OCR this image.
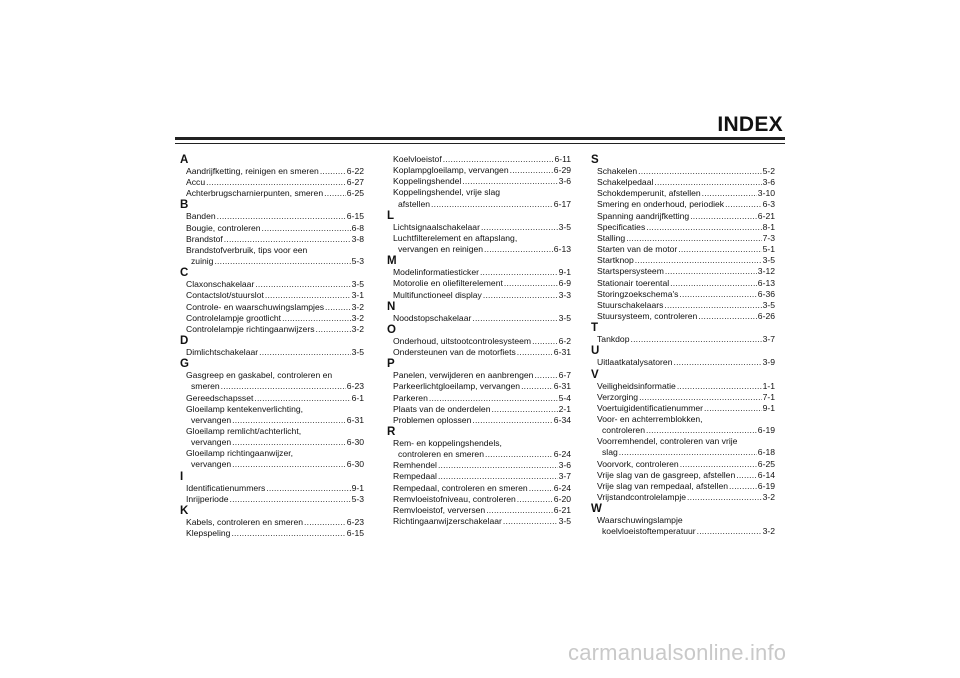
INDEX
A
Aandrijfketting, reinigen en smeren .....	6-22
Accu .....	6-27
Achterbrugscharnierpunten, smeren .....	6-25
B
Banden .....	6-15
Bougie, controleren .....	6-8
Brandstof .....	3-8
Brandstofverbruik, tips voor een
zuinig .....	5-3
C
Claxonschakelaar .....	3-5
Contactslot/stuurslot .....	3-1
Controle- en waarschuwingslampjes .....	3-2
Controlelampje grootlicht .....	3-2
Controlelampje richtingaanwijzers .....	3-2
D
Dimlichtschakelaar .....	3-5
G
Gasgreep en gaskabel, controleren en
smeren .....	6-23
Gereedschapsset .....	6-1
Gloeilamp kentekenverlichting,
vervangen .....	6-31
Gloeilamp remlicht/achterlicht,
vervangen .....	6-30
Gloeilamp richtingaanwijzer,
vervangen .....	6-30
I
Identificatienummers .....	9-1
Inrijperiode .....	5-3
K
Kabels, controleren en smeren .....	6-23
Klepspeling .....	6-15
Koelvloeistof .....	6-11
Koplampgloeilamp, vervangen .....	6-29
Koppelingshendel .....	3-6
Koppelingshendel, vrije slag
afstellen .....	6-17
L
Lichtsignaalschakelaar .....	3-5
Luchtfilterelement en aftapslang,
vervangen en reinigen .....	6-13
M
Modelinformatiesticker .....	9-1
Motorolie en oliefilterelement .....	6-9
Multifunctioneel display .....	3-3
N
Noodstopschakelaar .....	3-5
O
Onderhoud, uitstootcontrolesysteem .....	6-2
Ondersteunen van de motorfiets .....	6-31
P
Panelen, verwijderen en aanbrengen .....	6-7
Parkeerlichtgloeilamp, vervangen .....	6-31
Parkeren .....	5-4
Plaats van de onderdelen .....	2-1
Problemen oplossen .....	6-34
R
Rem- en koppelingshendels,
controleren en smeren .....	6-24
Remhendel .....	3-6
Rempedaal .....	3-7
Rempedaal, controleren en smeren .....	6-24
Remvloeistofniveau, controleren .....	6-20
Remvloeistof, verversen .....	6-21
Richtingaanwijzerschakelaar .....	3-5
S
Schakelen .....	5-2
Schakelpedaal .....	3-6
Schokdemperunit, afstellen .....	3-10
Smering en onderhoud, periodiek .....	6-3
Spanning aandrijfketting .....	6-21
Specificaties .....	8-1
Stalling .....	7-3
Starten van de motor .....	5-1
Startknop .....	3-5
Startspersysteem .....	3-12
Stationair toerental .....	6-13
Storingzoekschema's .....	6-36
Stuurschakelaars .....	3-5
Stuursysteem, controleren .....	6-26
T
Tankdop .....	3-7
U
Uitlaatkatalysatoren .....	3-9
V
Veiligheidsinformatie .....	1-1
Verzorging .....	7-1
Voertuigidentificatienummer .....	9-1
Voor- en achterremblokken,
controleren .....	6-19
Voorremhendel, controleren van vrije
slag .....	6-18
Voorvork, controleren .....	6-25
Vrije slag van de gasgreep, afstellen .....	6-14
Vrije slag van rempedaal, afstellen .....	6-19
Vrijstandcontrolelampje .....	3-2
W
Waarschuwingslampje
koelvloeistoftemperatuur .....	3-2
carmanualsonline.info
